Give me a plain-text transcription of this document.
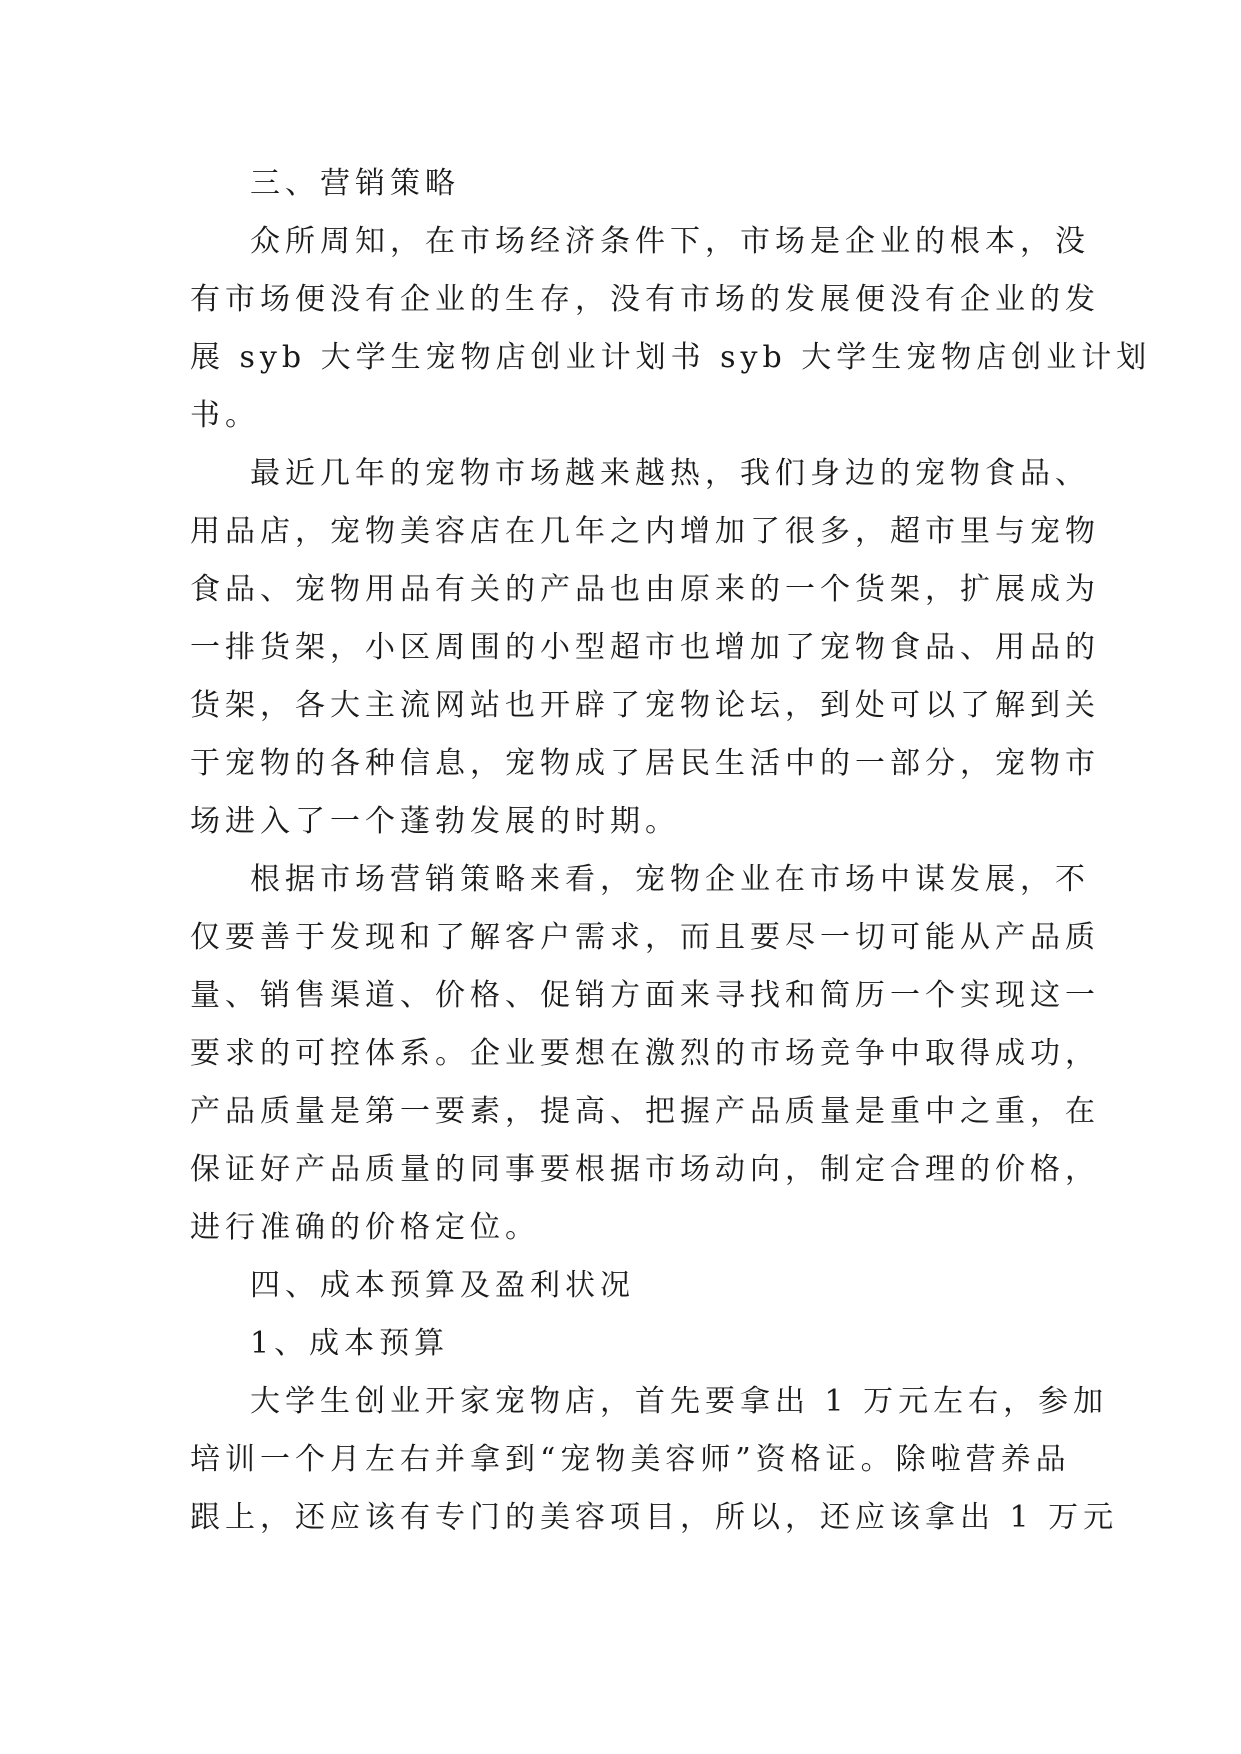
三、营销策略
众所周知，在市场经济条件下，市场是企业的根本，没
有市场便没有企业的生存，没有市场的发展便没有企业的发
展 syb 大学生宠物店创业计划书 syb 大学生宠物店创业计划
书。
最近几年的宠物市场越来越热，我们身边的宠物食品、
用品店，宠物美容店在几年之内增加了很多，超市里与宠物
食品、宠物用品有关的产品也由原来的一个货架，扩展成为
一排货架，小区周围的小型超市也增加了宠物食品、用品的
货架，各大主流网站也开辟了宠物论坛，到处可以了解到关
于宠物的各种信息，宠物成了居民生活中的一部分，宠物市
场进入了一个蓬勃发展的时期。
根据市场营销策略来看，宠物企业在市场中谋发展，不
仅要善于发现和了解客户需求，而且要尽一切可能从产品质
量、销售渠道、价格、促销方面来寻找和简历一个实现这一
要求的可控体系。企业要想在激烈的市场竞争中取得成功，
产品质量是第一要素，提高、把握产品质量是重中之重，在
保证好产品质量的同事要根据市场动向，制定合理的价格，
进行准确的价格定位。
四、成本预算及盈利状况
1、成本预算
大学生创业开家宠物店，首先要拿出 1 万元左右，参加
培训一个月左右并拿到“宠物美容师”资格证。除啦营养品
跟上，还应该有专门的美容项目，所以，还应该拿出 1 万元
